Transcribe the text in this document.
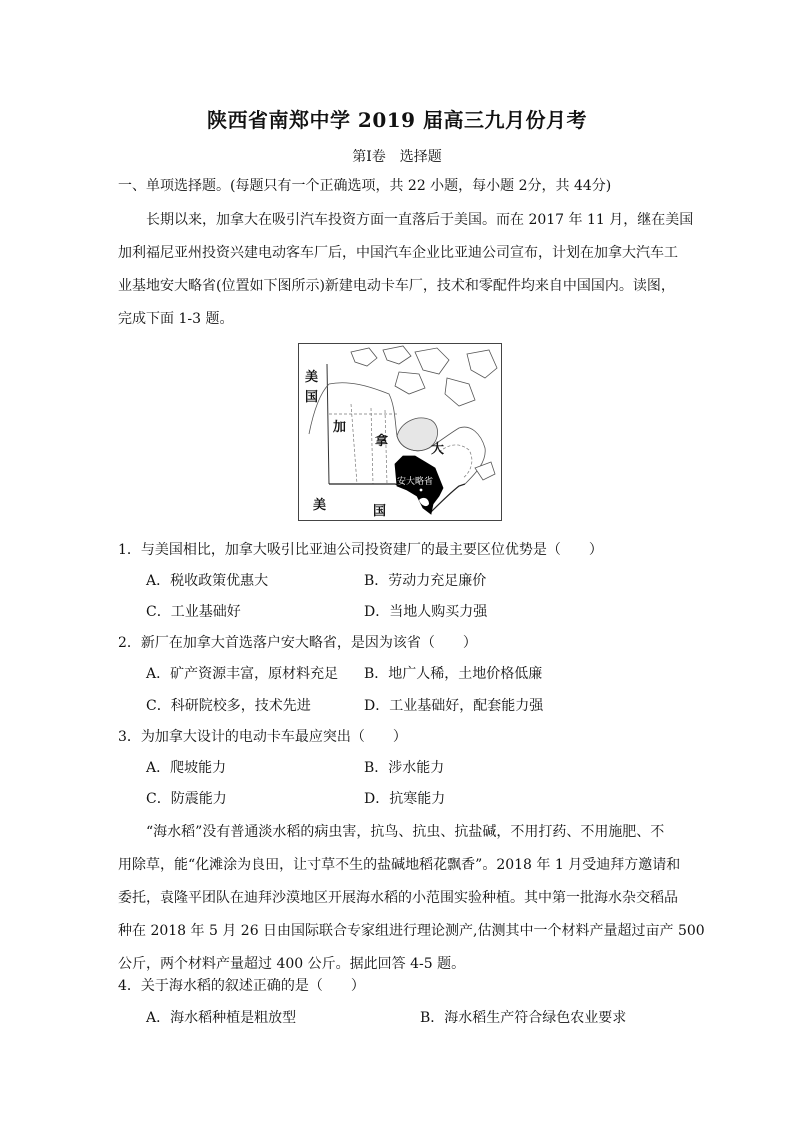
陕西省南郑中学 2019 届高三九月份月考
第Ⅰ卷　选择题
一、单项选择题。(每题只有一个正确选项，共 22 小题，每小题 2分，共 44分)
长期以来，加拿大在吸引汽车投资方面一直落后于美国。而在 2017 年 11 月，继在美国
加利福尼亚州投资兴建电动客车厂后，中国汽车企业比亚迪公司宣布，计划在加拿大汽车工
业基地安大略省(位置如下图所示)新建电动卡车厂，技术和零配件均来自中国国内。读图，
完成下面 1-3 题。
美
国
加
拿
大
安大略省
美	国
1．与美国相比，加拿大吸引比亚迪公司投资建厂的最主要区位优势是（　　）
A．税收政策优惠大	B．劳动力充足廉价
C．工业基础好	D．当地人购买力强
2．新厂在加拿大首选落户安大略省，是因为该省（　　）
A．矿产资源丰富，原材料充足 B．地广人稀，土地价格低廉
C．科研院校多，技术先进	D．工业基础好，配套能力强
3．为加拿大设计的电动卡车最应突出（　　）
A．爬坡能力	B．涉水能力
C．防震能力	D．抗寒能力
“海水稻”没有普通淡水稻的病虫害，抗鸟、抗虫、抗盐碱，不用打药、不用施肥、不
用除草，能“化滩涂为良田，让寸草不生的盐碱地稻花飘香”。2018 年 1 月受迪拜方邀请和
委托，袁隆平团队在迪拜沙漠地区开展海水稻的小范围实验种植。其中第一批海水杂交稻品
种在 2018 年 5 月 26 日由国际联合专家组进行理论测产,估测其中一个材料产量超过亩产 500
公斤，两个材料产量超过 400 公斤。据此回答 4-5 题。
4．关于海水稻的叙述正确的是（　　）
A．海水稻种植是粗放型	B．海水稻生产符合绿色农业要求
